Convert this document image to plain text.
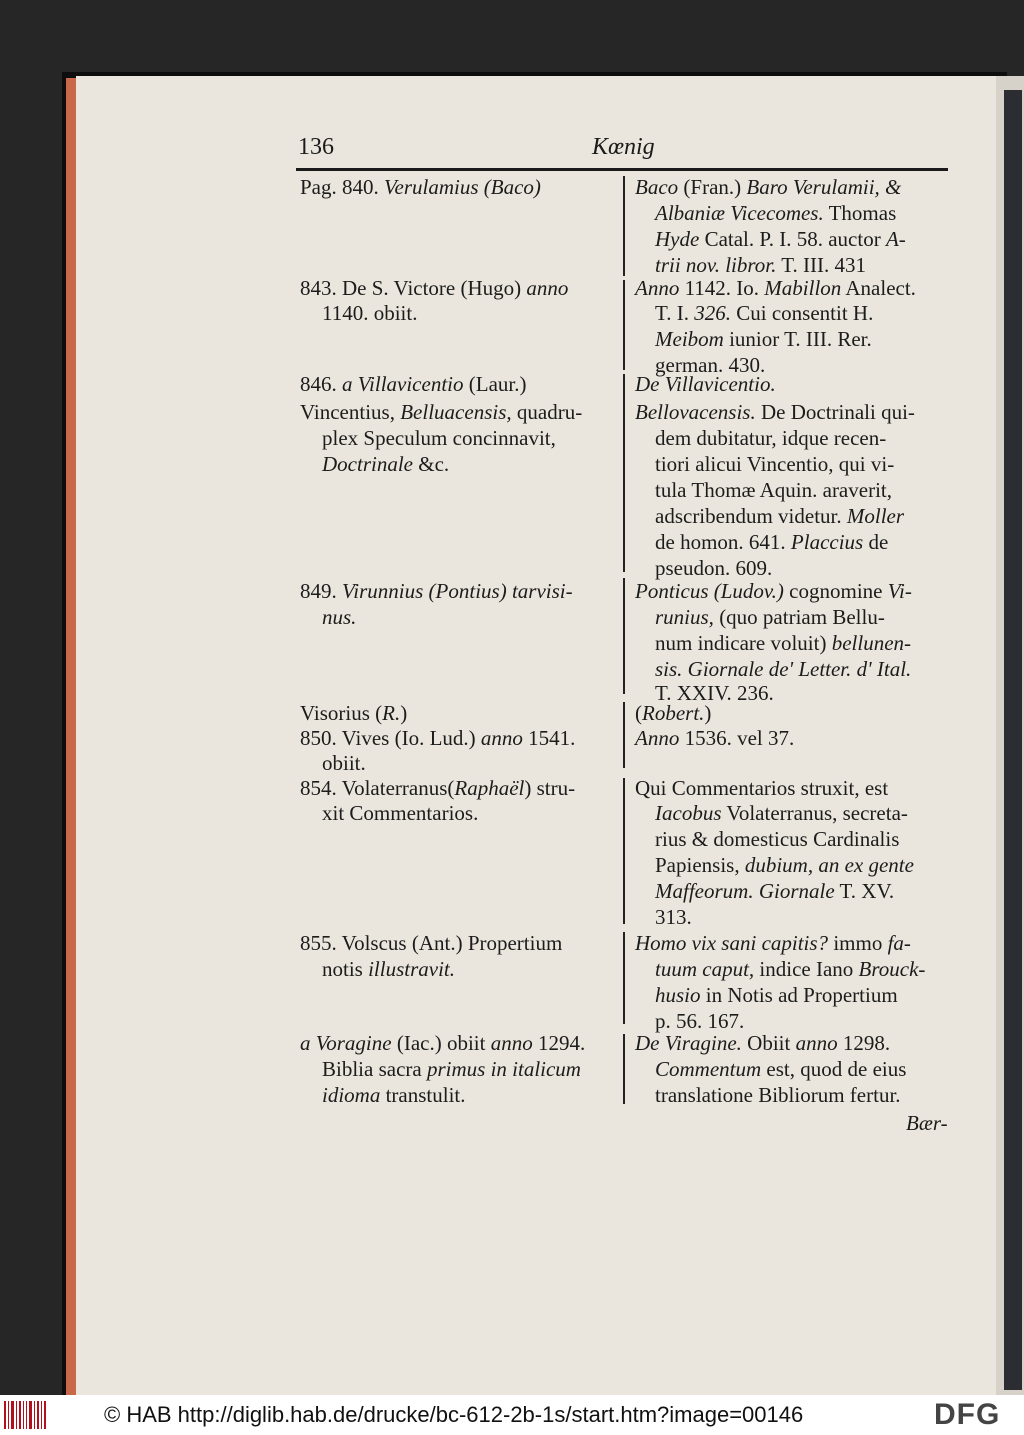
136	Kœnig
Pag. 840. Verulamius (Baco)
843. De S. Victore (Hugo) anno
1140. obiit.
846. a Villavicentio (Laur.)
Vincentius, Belluacensis, quadru-
plex Speculum concinnavit,
Doctrinale &c.
849. Virunnius (Pontius) tarvisi-
nus.
Visorius (R.)
850. Vives (Io. Lud.) anno 1541.
obiit.
854. Volaterranus(Raphaël) stru-
xit Commentarios.
855. Volscus (Ant.) Propertium
notis illustravit.
a Voragine (Iac.) obiit anno 1294.
Biblia sacra primus in italicum
idioma transtulit.
Baco (Fran.) Baro Verulamii, &
Albaniæ Vicecomes. Thomas
Hyde Catal. P. I. 58. auctor A-
trii nov. libror. T. III. 431
Anno 1142. Io. Mabillon Analect.
T. I. 326. Cui consentit H.
Meibom iunior T. III. Rer.
german. 430.
De Villavicentio.
Bellovacensis. De Doctrinali qui-
dem dubitatur, idque recen-
tiori alicui Vincentio, qui vi-
tula Thomæ Aquin. araverit,
adscribendum videtur. Moller
de homon. 641. Placcius de
pseudon. 609.
Ponticus (Ludov.) cognomine Vi-
runius, (quo patriam Bellu-
num indicare voluit) bellunen-
sis. Giornale de' Letter. d' Ital.
T. XXIV. 236.
(Robert.)
Anno 1536. vel 37.
Qui Commentarios struxit, est
Iacobus Volaterranus, secreta-
rius & domesticus Cardinalis
Papiensis, dubium, an ex gente
Maffeorum. Giornale T. XV.
313.
Homo vix sani capitis? immo fa-
tuum caput, indice Iano Brouck-
husio in Notis ad Propertium
p. 56. 167.
De Viragine. Obiit anno 1298.
Commentum est, quod de eius
translatione Bibliorum fertur.
Bær-
© HAB http://diglib.hab.de/drucke/bc-612-2b-1s/start.htm?image=00146	DFG
